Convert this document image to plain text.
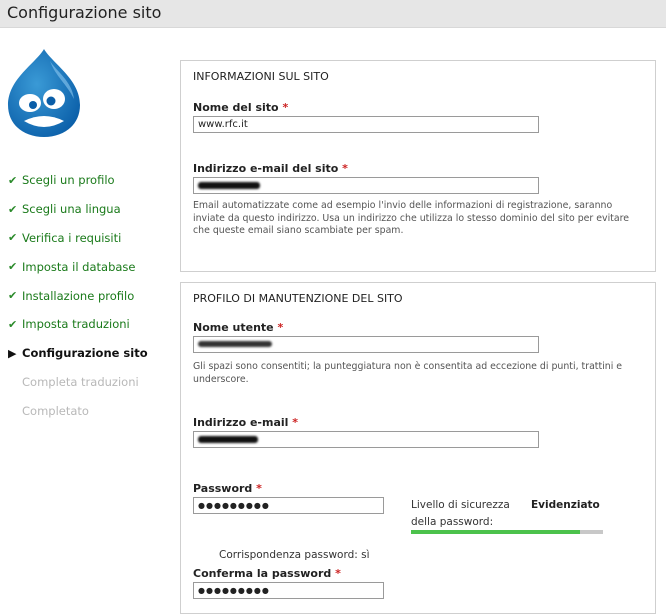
Configurazione sito
✔ Scegli un profilo
✔ Scegli una lingua
✔ Verifica i requisiti
✔ Imposta il database
✔ Installazione profilo
✔ Imposta traduzioni
▶ Configurazione sito
Completa traduzioni
Completato
INFORMAZIONI SUL SITO
Nome del sito *
www.rfc.it
Indirizzo e-mail del sito *
Email automatizzate come ad esempio l'invio delle informazioni di registrazione, saranno inviate da questo indirizzo. Usa un indirizzo che utilizza lo stesso dominio del sito per evitare che queste email siano scambiate per spam.
PROFILO DI MANUTENZIONE DEL SITO
Nome utente *
Gli spazi sono consentiti; la punteggiatura non è consentita ad eccezione di punti, trattini e underscore.
Indirizzo e-mail *
Password *
●●●●●●●●●	Livello di sicurezza Evidenziato
della password:
Corrispondenza password: sì
Conferma la password *
●●●●●●●●●
